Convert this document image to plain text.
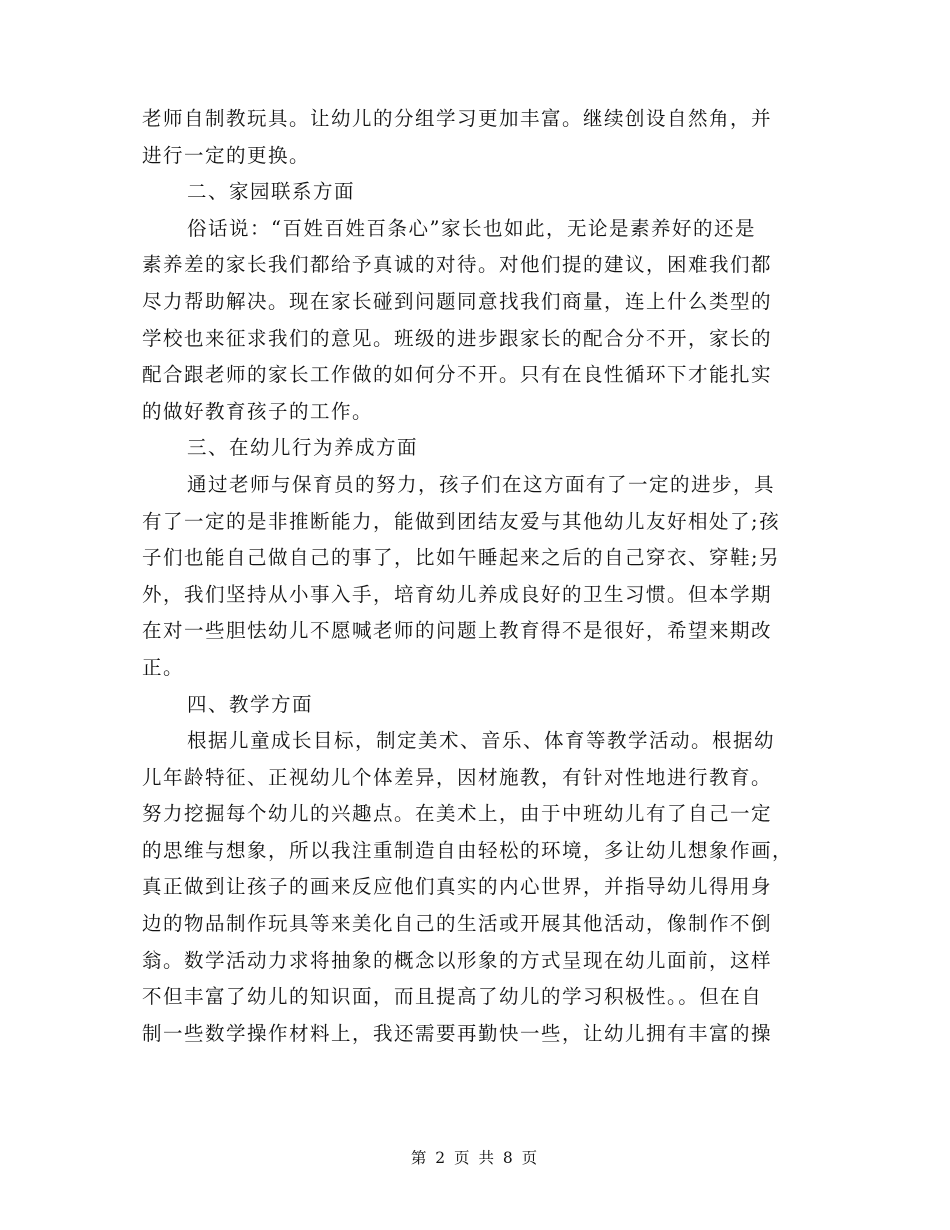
老师自制教玩具。让幼儿的分组学习更加丰富。继续创设自然角，并
进行一定的更换。
二、家园联系方面
俗话说：“百姓百姓百条心”家长也如此，无论是素养好的还是
素养差的家长我们都给予真诚的对待。对他们提的建议，困难我们都
尽力帮助解决。现在家长碰到问题同意找我们商量，连上什么类型的
学校也来征求我们的意见。班级的进步跟家长的配合分不开，家长的
配合跟老师的家长工作做的如何分不开。只有在良性循环下才能扎实
的做好教育孩子的工作。
三、在幼儿行为养成方面
通过老师与保育员的努力，孩子们在这方面有了一定的进步，具
有了一定的是非推断能力，能做到团结友爱与其他幼儿友好相处了;孩
子们也能自己做自己的事了，比如午睡起来之后的自己穿衣、穿鞋;另
外，我们坚持从小事入手，培育幼儿养成良好的卫生习惯。但本学期
在对一些胆怯幼儿不愿喊老师的问题上教育得不是很好，希望来期改
正。
四、教学方面
根据儿童成长目标，制定美术、音乐、体育等教学活动。根据幼
儿年龄特征、正视幼儿个体差异，因材施教，有针对性地进行教育。
努力挖掘每个幼儿的兴趣点。在美术上，由于中班幼儿有了自己一定
的思维与想象，所以我注重制造自由轻松的环境，多让幼儿想象作画，
真正做到让孩子的画来反应他们真实的内心世界，并指导幼儿得用身
边的物品制作玩具等来美化自己的生活或开展其他活动，像制作不倒
翁。数学活动力求将抽象的概念以形象的方式呈现在幼儿面前，这样
不但丰富了幼儿的知识面，而且提高了幼儿的学习积极性。。但在自
制一些数学操作材料上，我还需要再勤快一些，让幼儿拥有丰富的操

第 2 页 共 8 页
